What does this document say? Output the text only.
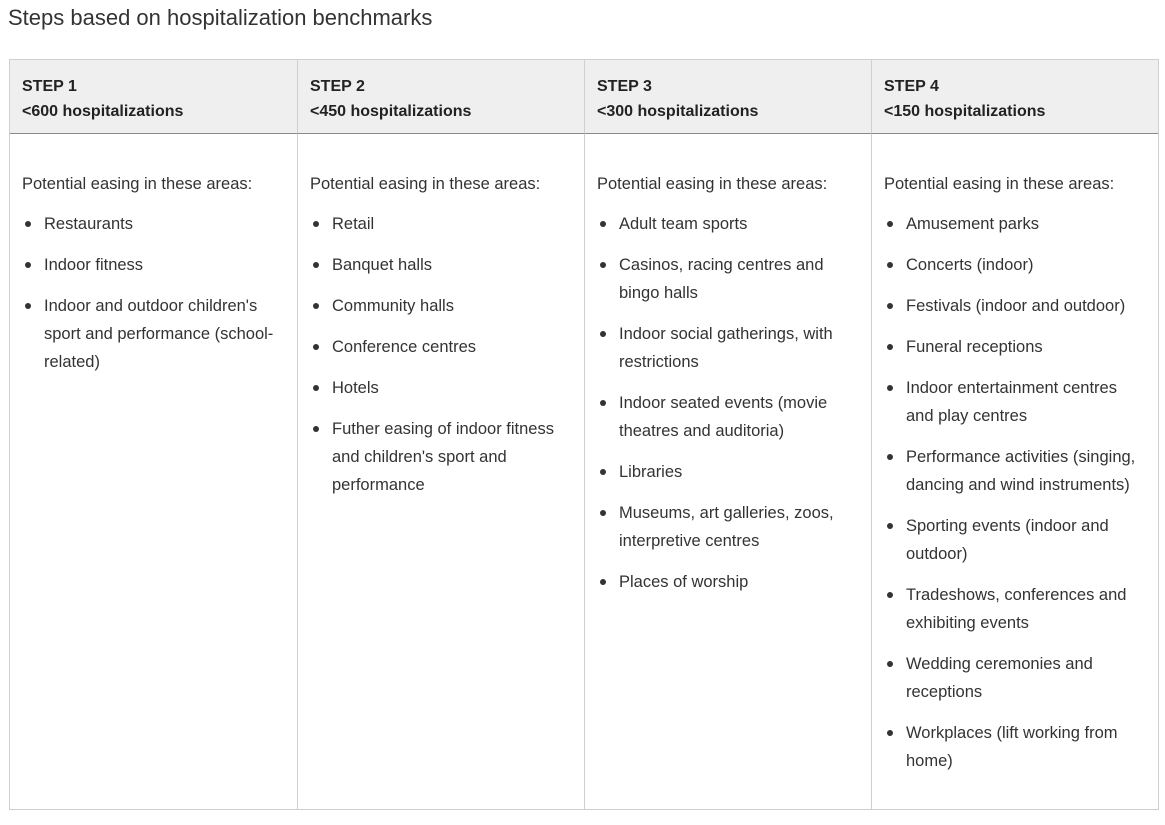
Steps based on hospitalization benchmarks
STEP 1
<600 hospitalizations
STEP 2
<450 hospitalizations
STEP 3
<300 hospitalizations
STEP 4
<150 hospitalizations

Potential easing in these areas:

Restaurants
Indoor fitness
Indoor and outdoor children's sport and performance (school-related)

Potential easing in these areas:

Retail
Banquet halls
Community halls
Conference centres
Hotels
Futher easing of indoor fitness and children's sport and performance

Potential easing in these areas:

Adult team sports
Casinos, racing centres and bingo halls
Indoor social gatherings, with restrictions
Indoor seated events (movie theatres and auditoria)
Libraries
Museums, art galleries, zoos, interpretive centres
Places of worship

Potential easing in these areas:

Amusement parks
Concerts (indoor)
Festivals (indoor and outdoor)
Funeral receptions
Indoor entertainment centres and play centres
Performance activities (singing, dancing and wind instruments)
Sporting events (indoor and outdoor)
Tradeshows, conferences and exhibiting events
Wedding ceremonies and receptions
Workplaces (lift working from home)
